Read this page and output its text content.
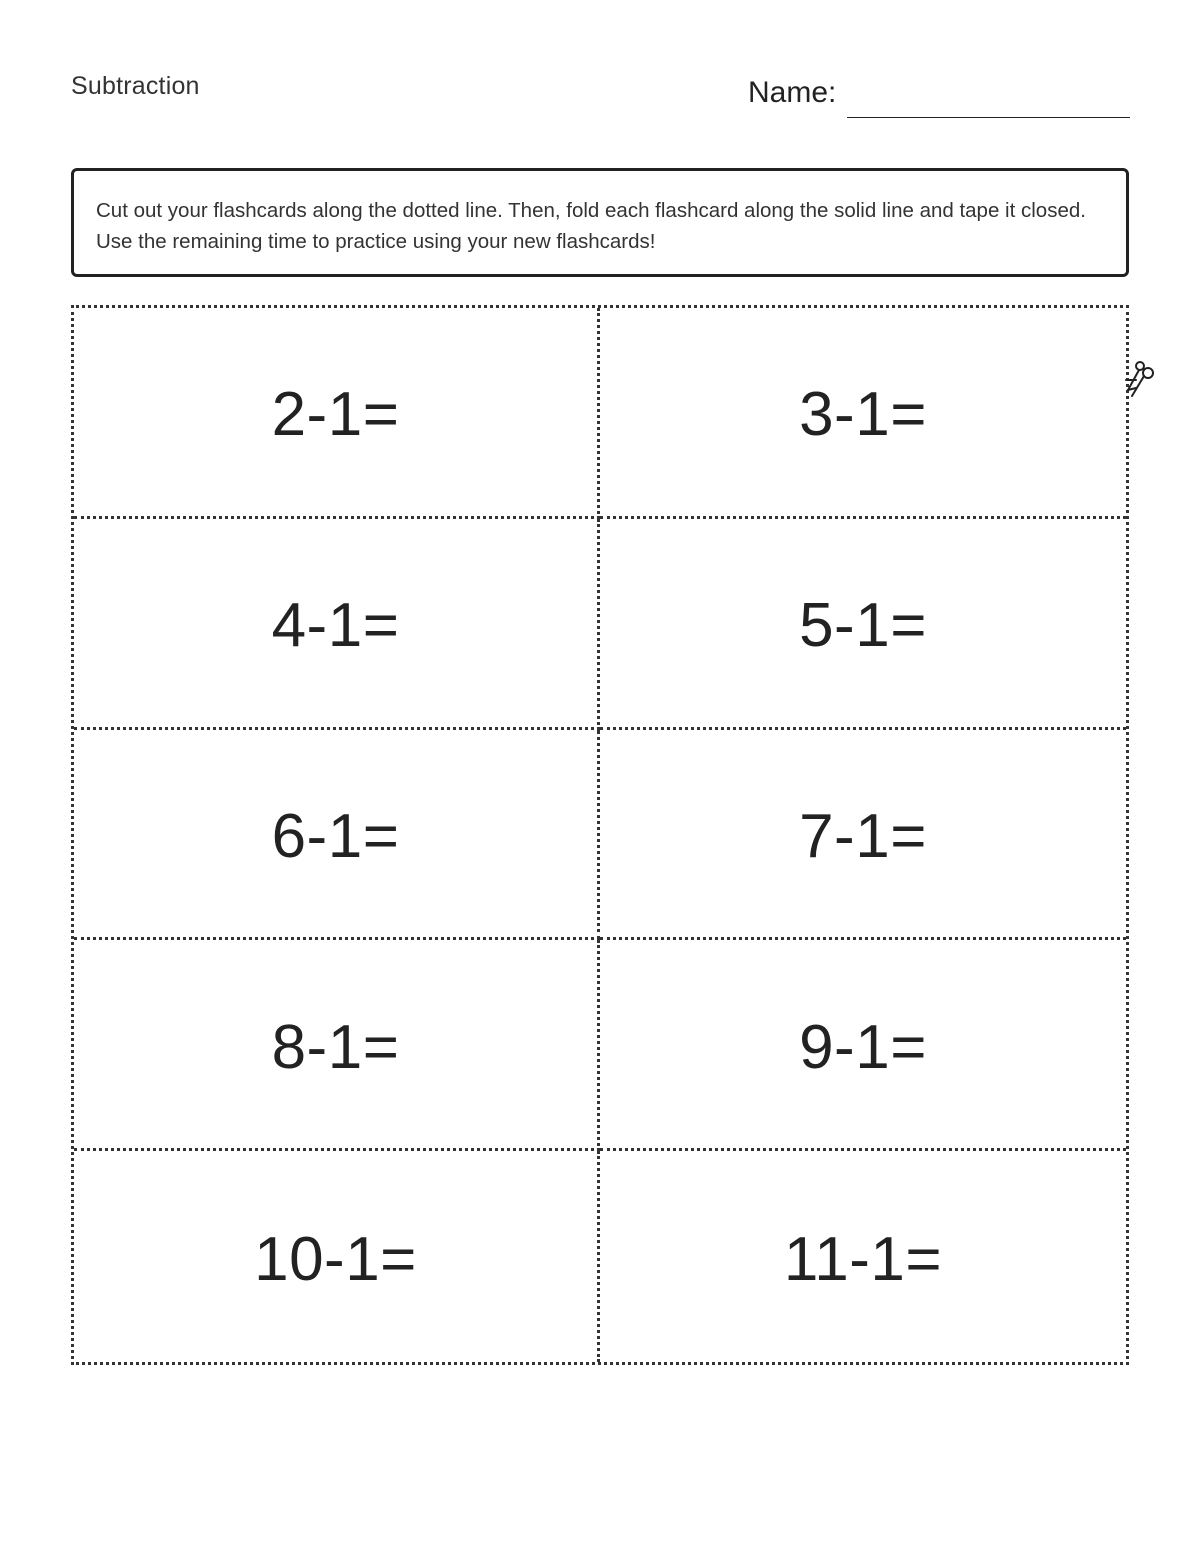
Subtraction	Name:
Cut out your flashcards along the dotted line. Then, fold each flashcard along the solid line and tape it closed. Use the remaining time to practice using your new flashcards!
2-1=	3-1=
4-1=	5-1=
6-1=	7-1=
8-1=	9-1=
10-1=	11-1=
